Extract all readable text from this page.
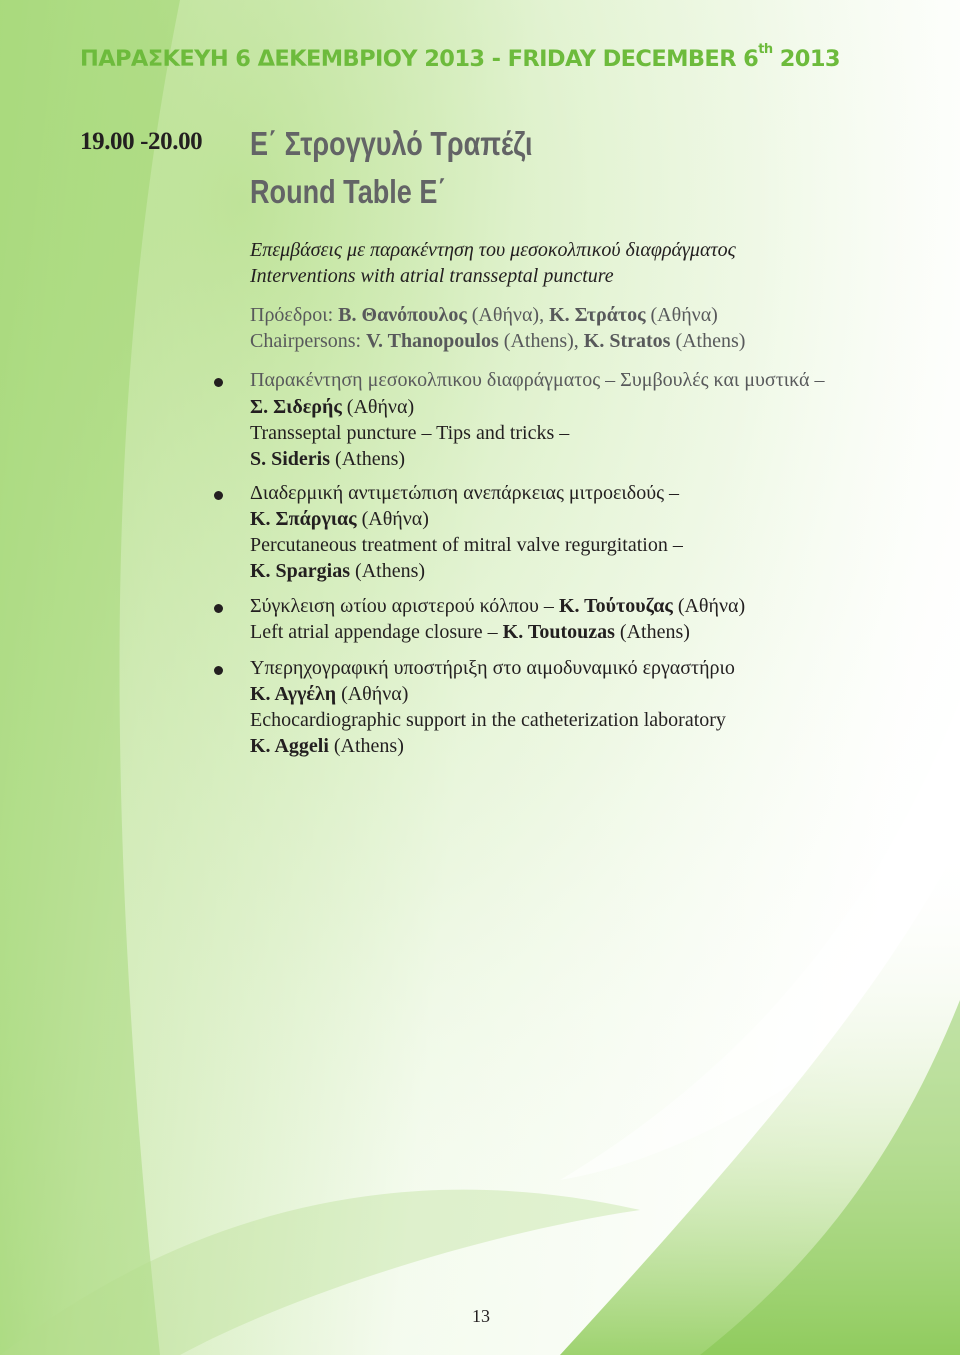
ΠΑΡΑΣΚΕΥΗ 6 ΔΕΚΕΜΒΡΙΟΥ 2013 - FRIDAY DECEMBER 6th 2013
19.00 -20.00 Ε΄ Στρογγυλό Τραπέζι
Round Table E΄
Επεμβάσεις με παρακέντηση του μεσοκολπικού διαφράγματος
Interventions with atrial transseptal puncture
Πρόεδροι: Β. Θανόπουλος (Αθήνα), Κ. Στράτος (Αθήνα)
Chairpersons: V. Thanopoulos (Athens), K. Stratos (Athens)
Παρακέντηση μεσοκολπικου διαφράγματος – Συμβουλές και μυστικά –
Σ. Σιδερής (Αθήνα)
Transseptal puncture – Tips and tricks –
S. Sideris (Athens)
Διαδερμική αντιμετώπιση ανεπάρκειας μιτροειδούς –
Κ. Σπάργιας (Αθήνα)
Percutaneous treatment of mitral valve regurgitation –
K. Spargias (Athens)
Σύγκλειση ωτίου αριστερού κόλπου – Κ. Τούτουζας (Αθήνα)
Left atrial appendage closure – K. Toutouzas (Athens)
Υπερηχογραφική υποστήριξη στο αιμοδυναμικό εργαστήριο
Κ. Αγγέλη (Αθήνα)
Echocardiographic support in the catheterization laboratory
K. Aggeli (Athens)
13
